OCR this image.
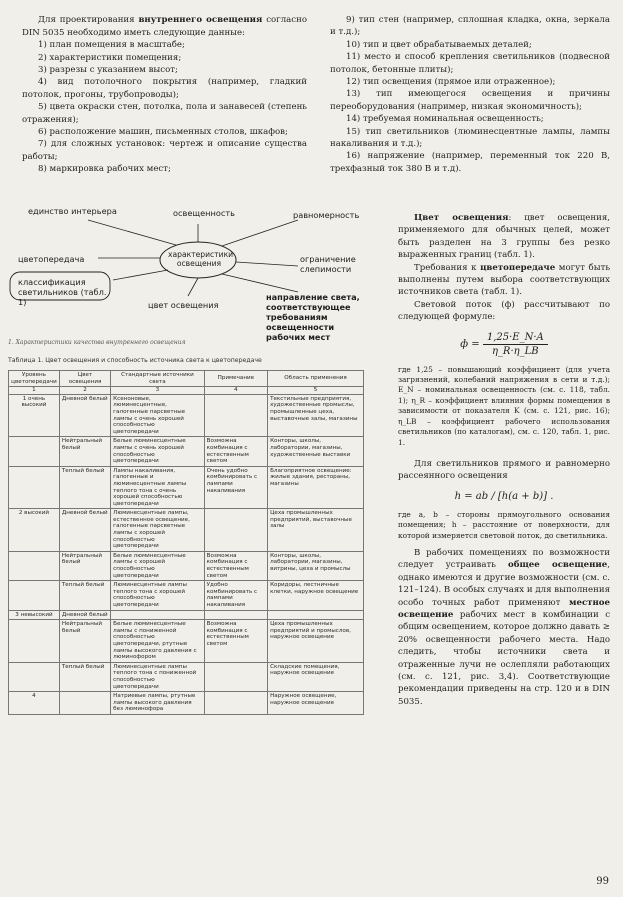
Для проектирования внутреннего освещения согласно DIN 5035 необходимо иметь следующие данные:

1) план помещения в масштабе;

2) характеристики помещения;

3) разрезы с указанием высот;

4) вид потолочного покрытия (например, гладкий потолок, прогоны, трубопроводы);

5) цвета окраски стен, потолка, пола и занавесей (степень отражения);

6) расположение машин, письменных столов, шкафов;

7) для сложных установок: чертеж и описание существа работы;

8) маркировка рабочих мест;

9) тип стен (например, сплошная кладка, окна, зеркала и т.д.);

10) тип и цвет обрабатываемых деталей;

11) место и способ крепления светильников (подвесной потолок, бетонные плиты);

12) тип освещения (прямое или отраженное);

13) тип имеющегося освещения и причины переоборудования (например, низкая экономичность);

14) требуемая номинальная освещенность;

15) тип светильников (люминесцентные лампы, лампы накаливания и т.д.);

16) напряжение (например, переменный ток 220 В, трехфазный ток 380 В и т.д).

единство интерьера	освещенность	равномерность
характеристики освещения
цветопередача	ограничение слепимости
классификация светильников (табл. 1)	цвет освещения
направление света, соответствующее требованиям освещенности рабочих мест
1. Характеристики качества внутреннего освещения
Таблица 1. Цвет освещения и способность источника света к цветопередаче
Уровень цветопередачи	Цвет освещения	Стандартные источники света	Примечание	Область применения
1	2	3	4	5
1 очень высокий	Дневной белый	Ксеноновые, люминесцентные, галогенные парсветные лампы с очень хорошей способностью цветопередачи		Текстильные предприятия, художественные промыслы, промышленные цеха, выставочные залы, магазины
	Нейтральный белый	Белые люминесцентные лампы с очень хорошей способностью цветопередачи	Возможна комбинация с естественным светом	Конторы, школы, лаборатории, магазины, художественные выставки
	Теплый белый	Лампы накаливания, галогенные и люминесцентные лампы теплого тона с очень хорошей способностью цветопередачи	Очень удобно комбинировать с лампами накаливания	Благоприятное освещение: жилые здания, рестораны, магазины
2 высокий	Дневной белый	Люминесцентные лампы, естественное освещение, галогенные парсветные лампы с хорошей способностью цветопередачи		Цеха промышленных предприятий, выставочные залы
	Нейтральный белый	Белые люминесцентные лампы с хорошей способностью цветопередачи	Возможна комбинация с естественным светом	Конторы, школы, лаборатории, магазины, витрины, цеха и промыслы
	Теплый белый	Люминесцентные лампы теплого тона с хорошей способностью цветопередачи	Удобно комбинировать с лампами накаливания	Коридоры, лестничные клетки, наружное освещение
3 невысокий	Дневной белый			
	Нейтральный белый	Белые люминесцентные лампы с пониженной способностью цветопередачи, ртутные лампы высокого давления с люминофором	Возможна комбинация с естественным светом	Цеха промышленных предприятий и промыслов, наружное освещение
	Теплый белый	Люминесцентные лампы теплого тона с пониженной способностью цветопередачи		Складские помещения, наружное освещение
4		Натриевые лампы, ртутные лампы высокого давления без люминофора		Наружное освещение, наружное освещение

Цвет освещения: цвет освещения, применяемого для обычных целей, может быть разделен на 3 группы без резко выраженных границ (табл. 1).

Требования к цветопередаче могут быть выполнены путем выбора соответствующих источников света (табл. 1).

Световой поток (ф) рассчитывают по следующей формуле:

$ф = \frac{1,25\cdot E\_N\cdot A}{\eta\_R\cdot\eta\_LB}$

где 1,25 – повышающий коэффициент (для учета загрязнений, колебаний напряжения в сети и т.д.); E_N – номинальная освещенность (см. с. 118, табл. 1); η_R – коэффициент влияния формы помещения в зависимости от показателя K (см. с. 121, рис. 16); η_LB – коэффициент рабочего использования светильников (по каталогам), см. с. 120, табл. 1, рис. 1.

Для светильников прямого и равномерно рассеянного освещения

h = ab / [h(a + b)] .

где a, b – стороны прямоугольного основания помещения; h – расстояние от поверхности, для которой измеряется световой поток, до светильника.

В рабочих помещениях по возможности следует устраивать общее освещение, однако имеются и другие возможности (см. с. 121–124). В особых случаях и для выполнения особо точных работ применяют местное освещение рабочих мест в комбинации с общим освещением, которое должно давать ≥ 20% освещенности рабочего места. Надо следить, чтобы источники света и отраженные лучи не ослепляли работающих (см. с. 121, рис. 3,4). Соответствующие рекомендации приведены на стр. 120 и в DIN 5035.

99
